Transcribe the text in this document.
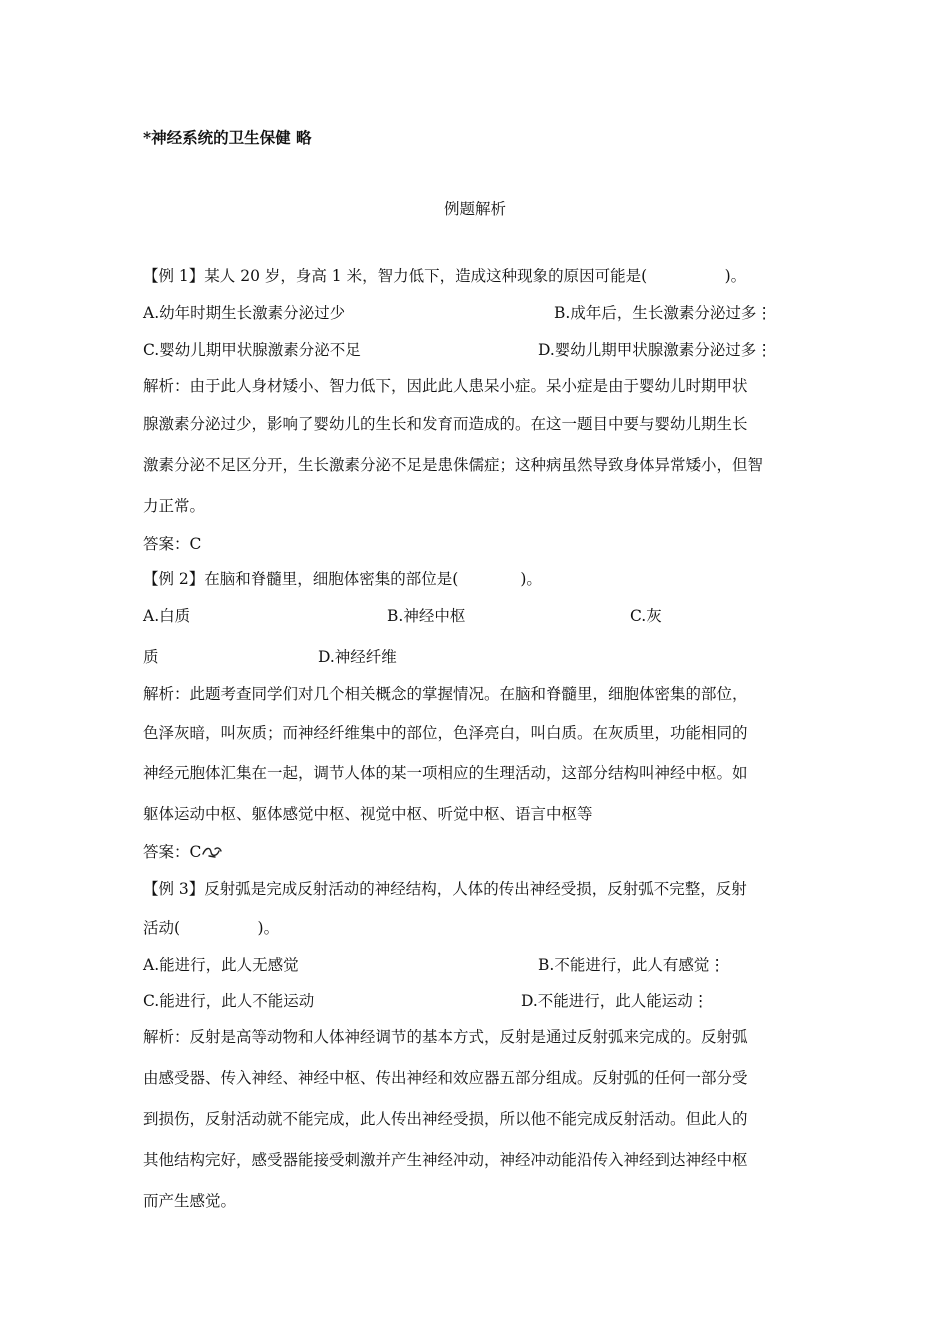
*神经系统的卫生保健 略
例题解析
【例 1】某人 20 岁，身高 1 米，智力低下，造成这种现象的原因可能是(　　　　　)。
A.幼年时期生长激素分泌过少	B.成年后，生长激素分泌过多⋮
C.婴幼儿期甲状腺激素分泌不足	D.婴幼儿期甲状腺激素分泌过多⋮
解析：由于此人身材矮小、智力低下，因此此人患呆小症。呆小症是由于婴幼儿时期甲状
腺激素分泌过少，影响了婴幼儿的生长和发育而造成的。在这一题目中要与婴幼儿期生长
激素分泌不足区分开，生长激素分泌不足是患侏儒症；这种病虽然导致身体异常矮小，但智
力正常。
答案：C
【例 2】在脑和脊髓里，细胞体密集的部位是(　　　　)。
A.白质	B.神经中枢	C.灰
质	D.神经纤维
解析：此题考查同学们对几个相关概念的掌握情况。在脑和脊髓里，细胞体密集的部位，
色泽灰暗，叫灰质；而神经纤维集中的部位，色泽亮白，叫白质。在灰质里，功能相同的
神经元胞体汇集在一起，调节人体的某一项相应的生理活动，这部分结构叫神经中枢。如
躯体运动中枢、躯体感觉中枢、视觉中枢、听觉中枢、语言中枢等
答案：C
【例 3】反射弧是完成反射活动的神经结构，人体的传出神经受损，反射弧不完整，反射
活动(　　　　　)。
A.能进行，此人无感觉	B.不能进行，此人有感觉⋮
C.能进行，此人不能运动	D.不能进行，此人能运动⋮
解析：反射是高等动物和人体神经调节的基本方式，反射是通过反射弧来完成的。反射弧
由感受器、传入神经、神经中枢、传出神经和效应器五部分组成。反射弧的任何一部分受
到损伤，反射活动就不能完成，此人传出神经受损，所以他不能完成反射活动。但此人的
其他结构完好，感受器能接受刺激并产生神经冲动，神经冲动能沿传入神经到达神经中枢
而产生感觉。
